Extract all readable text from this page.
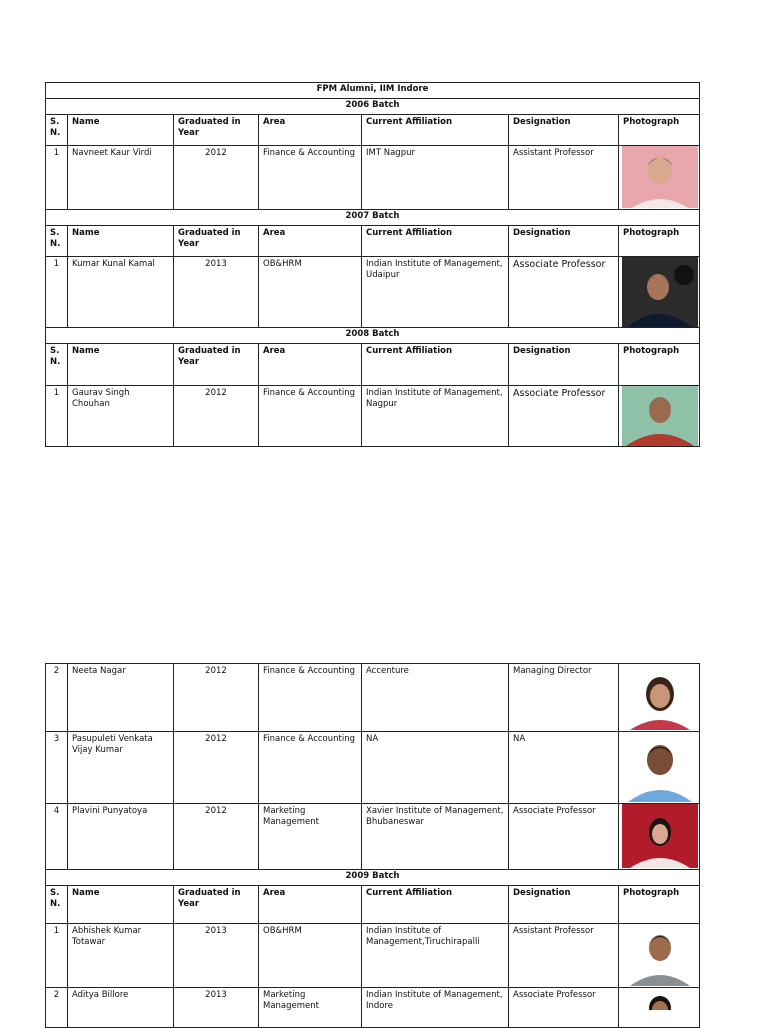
FPM Alumni, IIM Indore						
2006 Batch						
S. N.	Name	Graduated in Year	Area	Current Affiliation	Designation	Photograph
1	Navneet Kaur Virdi	2012	Finance & Accounting	IMT Nagpur	Assistant Professor	

2007 Batch						
S. N.	Name	Graduated in Year	Area	Current Affiliation	Designation	Photograph
1	Kumar Kunal Kamal	2013	OB&HRM	Indian Institute of Management, Udaipur	Associate Professor	

2008 Batch						
S. N.	Name	Graduated in Year	Area	Current Affiliation	Designation	Photograph
1	Gaurav Singh Chouhan	2012	Finance & Accounting	Indian Institute of Management, Nagpur	Associate Professor	
2	Neeta Nagar	2012	Finance & Accounting	Accenture	Managing Director	

3	Pasupuleti Venkata Vijay Kumar	2012	Finance & Accounting	NA	NA	

4	Plavini Punyatoya	2012	Marketing Management	Xavier Institute of Management, Bhubaneswar	Associate Professor	

2009 Batch						
S. N.	Name	Graduated in Year	Area	Current Affiliation	Designation	Photograph
1	Abhishek Kumar Totawar	2013	OB&HRM	Indian Institute of Management,Tiruchirapalli	Assistant Professor	

2	Aditya Billore	2013	Marketing Management	Indian Institute of Management, Indore	Associate Professor	
